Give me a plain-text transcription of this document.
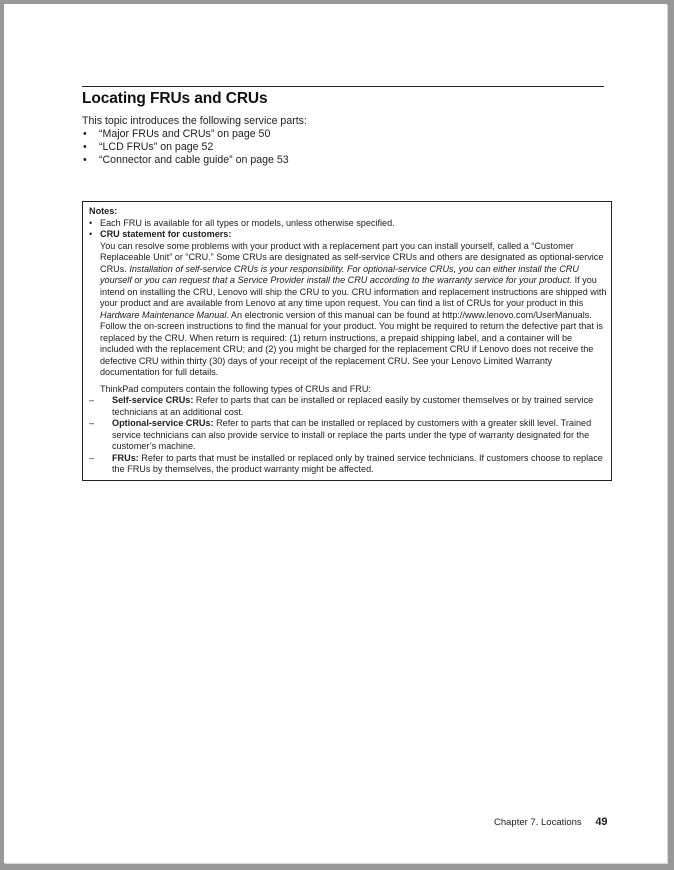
Locating FRUs and CRUs
This topic introduces the following service parts:
• “Major FRUs and CRUs” on page 50
• “LCD FRUs” on page 52
• “Connector and cable guide” on page 53
Notes:
• Each FRU is available for all types or models, unless otherwise specified.
• CRU statement for customers:
You can resolve some problems with your product with a replacement part you can install yourself, called a “Customer Replaceable Unit” or “CRU.” Some CRUs are designated as self-service CRUs and others are designated as optional-service CRUs. Installation of self-service CRUs is your responsibility. For optional-service CRUs, you can either install the CRU yourself or you can request that a Service Provider install the CRU according to the warranty service for your product. If you intend on installing the CRU, Lenovo will ship the CRU to you. CRU information and replacement instructions are shipped with your product and are available from Lenovo at any time upon request. You can find a list of CRUs for your product in this Hardware Maintenance Manual. An electronic version of this manual can be found at http://www.lenovo.com/UserManuals. Follow the on-screen instructions to find the manual for your product. You might be required to return the defective part that is replaced by the CRU. When return is required: (1) return instructions, a prepaid shipping label, and a container will be included with the replacement CRU; and (2) you might be charged for the replacement CRU if Lenovo does not receive the defective CRU within thirty (30) days of your receipt of the replacement CRU. See your Lenovo Limited Warranty documentation for full details.
ThinkPad computers contain the following types of CRUs and FRU:
– Self-service CRUs: Refer to parts that can be installed or replaced easily by customer themselves or by trained service technicians at an additional cost.
– Optional-service CRUs: Refer to parts that can be installed or replaced by customers with a greater skill level. Trained service technicians can also provide service to install or replace the parts under the type of warranty designated for the customer’s machine.
– FRUs: Refer to parts that must be installed or replaced only by trained service technicians. If customers choose to replace the FRUs by themselves, the product warranty might be affected.
Chapter 7. Locations 49
